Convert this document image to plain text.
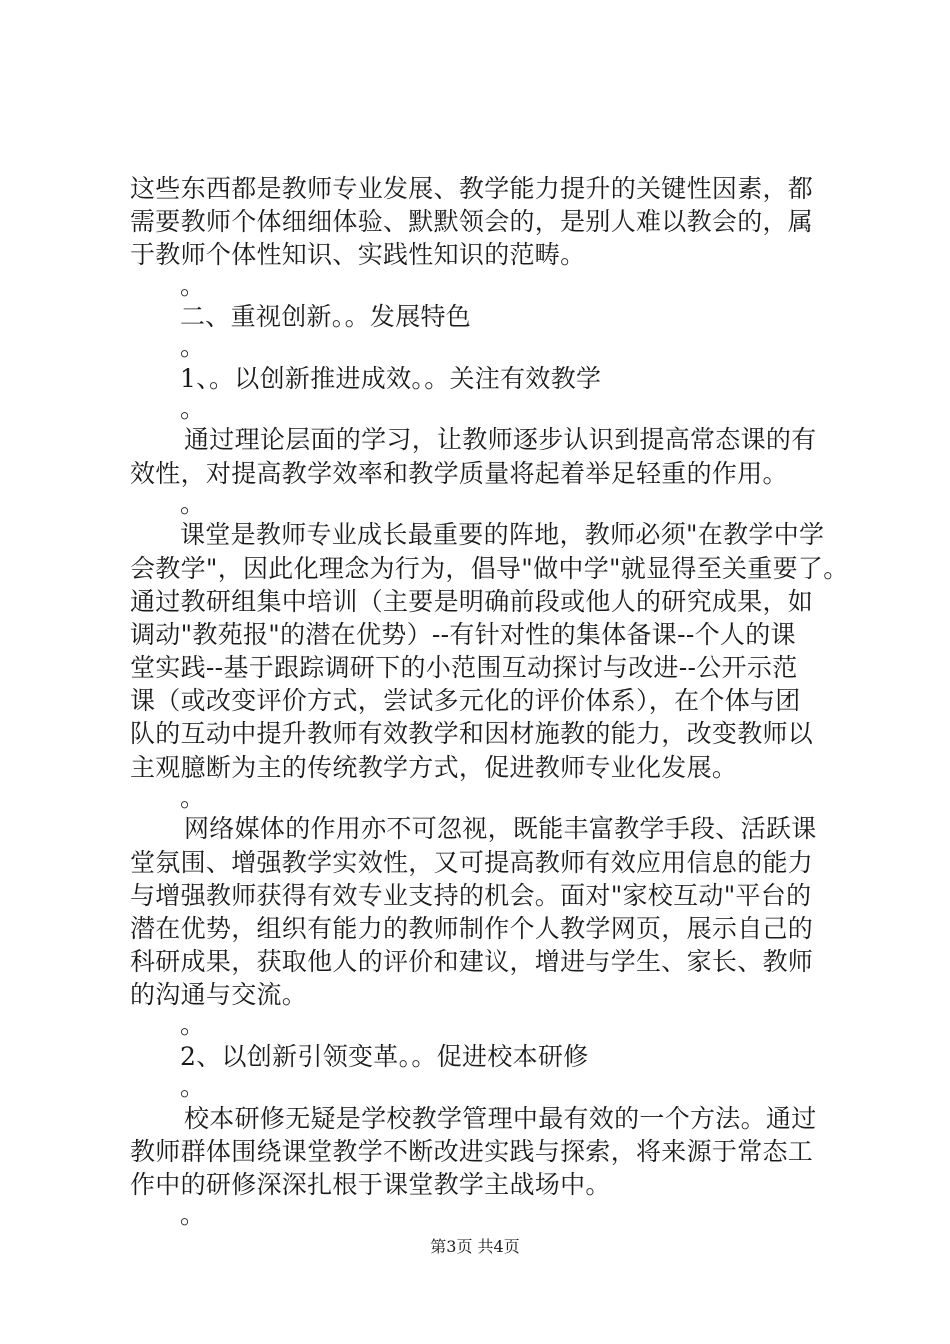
这些东西都是教师专业发展、教学能力提升的关键性因素，都
需要教师个体细细体验、默默领会的，是别人难以教会的，属
于教师个体性知识、实践性知识的范畴。
。
二、重视创新。。发展特色
。
1、。以创新推进成效。。关注有效教学
。
通过理论层面的学习，让教师逐步认识到提高常态课的有
效性，对提高教学效率和教学质量将起着举足轻重的作用。
。
课堂是教师专业成长最重要的阵地，教师必须"在教学中学
会教学"，因此化理念为行为，倡导"做中学"就显得至关重要了。
通过教研组集中培训（主要是明确前段或他人的研究成果，如
调动"教苑报"的潜在优势）--有针对性的集体备课--个人的课
堂实践--基于跟踪调研下的小范围互动探讨与改进--公开示范
课（或改变评价方式，尝试多元化的评价体系），在个体与团
队的互动中提升教师有效教学和因材施教的能力，改变教师以
主观臆断为主的传统教学方式，促进教师专业化发展。
。
网络媒体的作用亦不可忽视，既能丰富教学手段、活跃课
堂氛围、增强教学实效性，又可提高教师有效应用信息的能力
与增强教师获得有效专业支持的机会。面对"家校互动"平台的
潜在优势，组织有能力的教师制作个人教学网页，展示自己的
科研成果，获取他人的评价和建议，增进与学生、家长、教师
的沟通与交流。
。
2、以创新引领变革。。促进校本研修
。
校本研修无疑是学校教学管理中最有效的一个方法。通过
教师群体围绕课堂教学不断改进实践与探索，将来源于常态工
作中的研修深深扎根于课堂教学主战场中。
。
第3页 共4页
